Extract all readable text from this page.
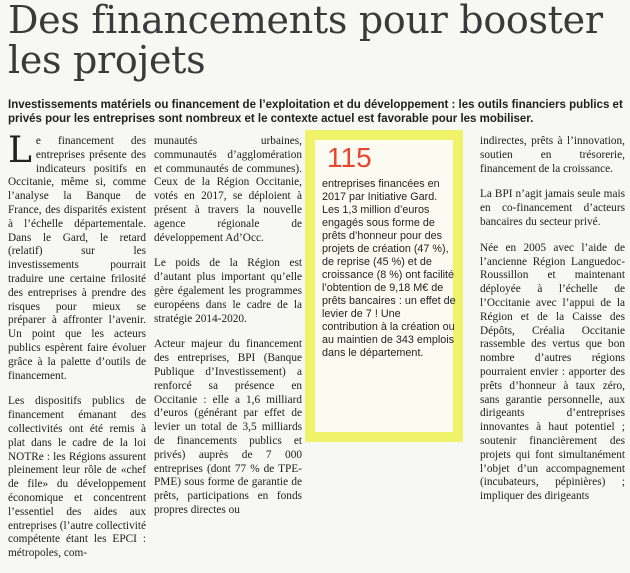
Des financements pour booster les projets
Investissements matériels ou financement de l’exploitation et du développement : les outils financiers publics et privés pour les entreprises sont nombreux et le contexte actuel est favorable pour les mobiliser.

Le financement des entreprises présente des indicateurs positifs en Occitanie, même si, comme l’analyse la Banque de France, des disparités existent à l’échelle départementale. Dans le Gard, le retard (relatif) sur les investissements pourrait traduire une certaine frilosité des entreprises à prendre des risques pour mieux se préparer à affronter l’avenir. Un point que les acteurs publics espèrent faire évoluer grâce à la palette d’outils de financement.

Les dispositifs publics de financement émanant des collectivités ont été remis à plat dans le cadre de la loi NOTRe : les Régions assurent pleinement leur rôle de «chef de file» du développement économique et concentrent l’essentiel des aides aux entreprises (l’autre collectivité compétente étant les EPCI : métropoles, com-

munautés urbaines, communautés d’agglomération et communautés de communes). Ceux de la Région Occitanie, votés en 2017, se déploient à présent à travers la nouvelle agence régionale de développement Ad’Occ.

Le poids de la Région est d’autant plus important qu’elle gère également les programmes européens dans le cadre de la stratégie 2014-2020.

Acteur majeur du financement des entreprises, BPI (Banque Publique d’Investissement) a renforcé sa présence en Occitanie : elle a 1,6 milliard d’euros (générant par effet de levier un total de 3,5 milliards de financements publics et privés) auprès de 7 000 entreprises (dont 77 % de TPE-PME) sous forme de garantie de prêts, participations en fonds propres directes ou

115
entreprises financées en 2017 par Initiative Gard. Les 1,3 million d’euros engagés sous forme de prêts d’honneur pour des projets de création (47 %), de reprise (45 %) et de croissance (8 %) ont facilité l’obtention de 9,18 M€ de prêts bancaires : un effet de levier de 7 ! Une contribution à la création ou au maintien de 343 emplois dans le département.

indirectes, prêts à l’innovation, soutien en trésorerie, financement de la croissance.

La BPI n’agit jamais seule mais en co-financement d’acteurs bancaires du secteur privé.

Née en 2005 avec l’aide de l’ancienne Région Languedoc-Roussillon et maintenant déployée à l’échelle de l’Occitanie avec l’appui de la Région et de la Caisse des Dépôts, Créalia Occitanie rassemble des vertus que bon nombre d’autres régions pourraient envier : apporter des prêts d’honneur à taux zéro, sans garantie personnelle, aux dirigeants d’entreprises innovantes à haut potentiel ; soutenir financièrement des projets qui font simultanément l’objet d’un accompagnement (incubateurs, pépinières) ; impliquer des dirigeants
